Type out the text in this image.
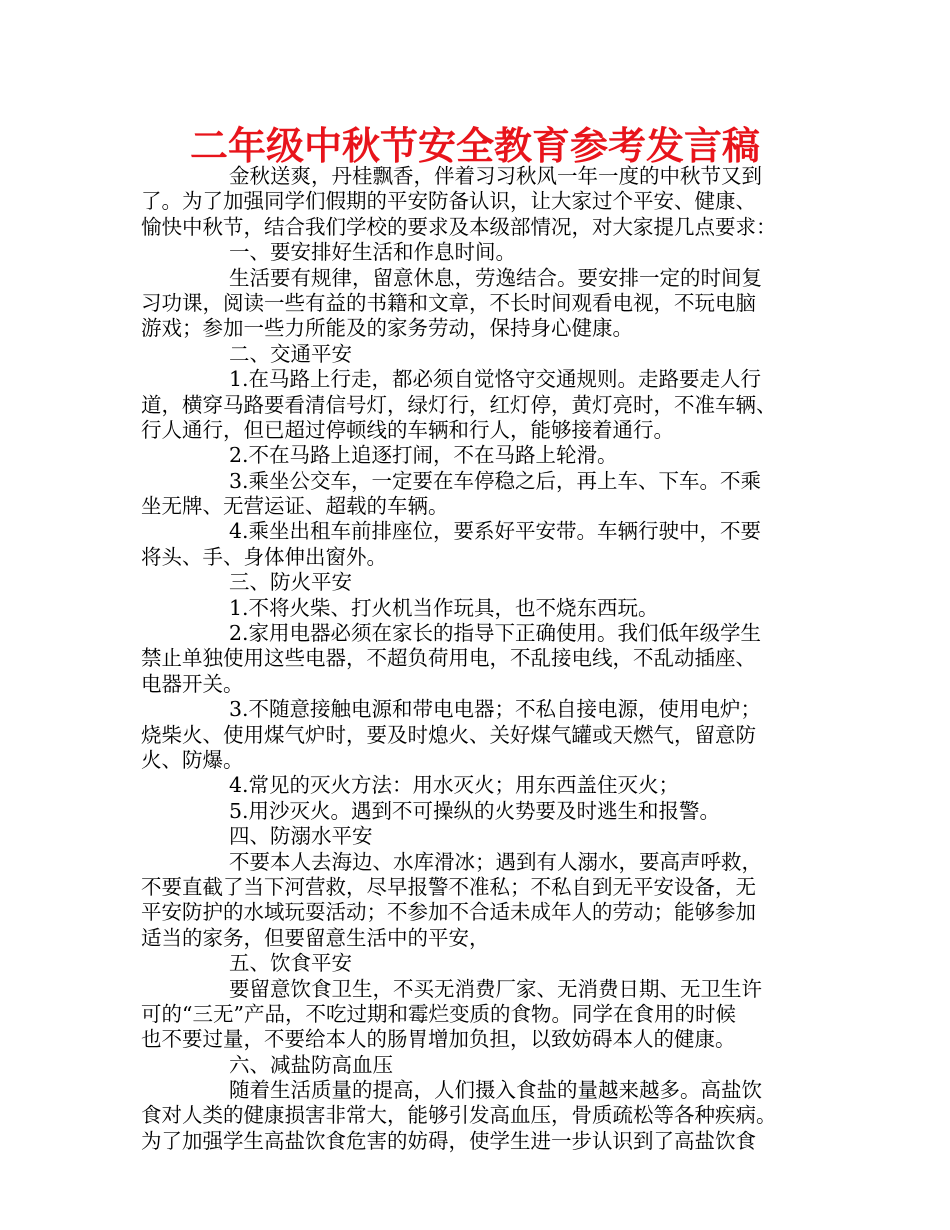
二年级中秋节安全教育参考发言稿
金秋送爽，丹桂飘香，伴着习习秋风一年一度的中秋节又到
了。为了加强同学们假期的平安防备认识，让大家过个平安、健康、
愉快中秋节，结合我们学校的要求及本级部情况，对大家提几点要求：
一、要安排好生活和作息时间。
生活要有规律，留意休息，劳逸结合。要安排一定的时间复
习功课，阅读一些有益的书籍和文章，不长时间观看电视，不玩电脑
游戏；参加一些力所能及的家务劳动，保持身心健康。
二、交通平安
1.在马路上行走，都必须自觉恪守交通规则。走路要走人行
道，横穿马路要看清信号灯，绿灯行，红灯停，黄灯亮时，不准车辆、
行人通行，但已超过停顿线的车辆和行人，能够接着通行。
2.不在马路上追逐打闹，不在马路上轮滑。
3.乘坐公交车，一定要在车停稳之后，再上车、下车。不乘
坐无牌、无营运证、超载的车辆。
4.乘坐出租车前排座位，要系好平安带。车辆行驶中，不要
将头、手、身体伸出窗外。
三、防火平安
1.不将火柴、打火机当作玩具，也不烧东西玩。
2.家用电器必须在家长的指导下正确使用。我们低年级学生
禁止单独使用这些电器，不超负荷用电，不乱接电线，不乱动插座、
电器开关。
3.不随意接触电源和带电电器；不私自接电源，使用电炉；
烧柴火、使用煤气炉时，要及时熄火、关好煤气罐或天燃气，留意防
火、防爆。
4.常见的灭火方法：用水灭火；用东西盖住灭火；
5.用沙灭火。遇到不可操纵的火势要及时逃生和报警。
四、防溺水平安
不要本人去海边、水库滑冰；遇到有人溺水，要高声呼救，
不要直截了当下河营救，尽早报警不准私；不私自到无平安设备，无
平安防护的水域玩耍活动；不参加不合适未成年人的劳动；能够参加
适当的家务，但要留意生活中的平安，
五、饮食平安
要留意饮食卫生，不买无消费厂家、无消费日期、无卫生许
可的“三无”产品，不吃过期和霉烂变质的食物。同学在食用的时候
也不要过量，不要给本人的肠胃增加负担，以致妨碍本人的健康。
六、减盐防高血压
随着生活质量的提高，人们摄入食盐的量越来越多。高盐饮
食对人类的健康损害非常大，能够引发高血压，骨质疏松等各种疾病。
为了加强学生高盐饮食危害的妨碍，使学生进一步认识到了高盐饮食
